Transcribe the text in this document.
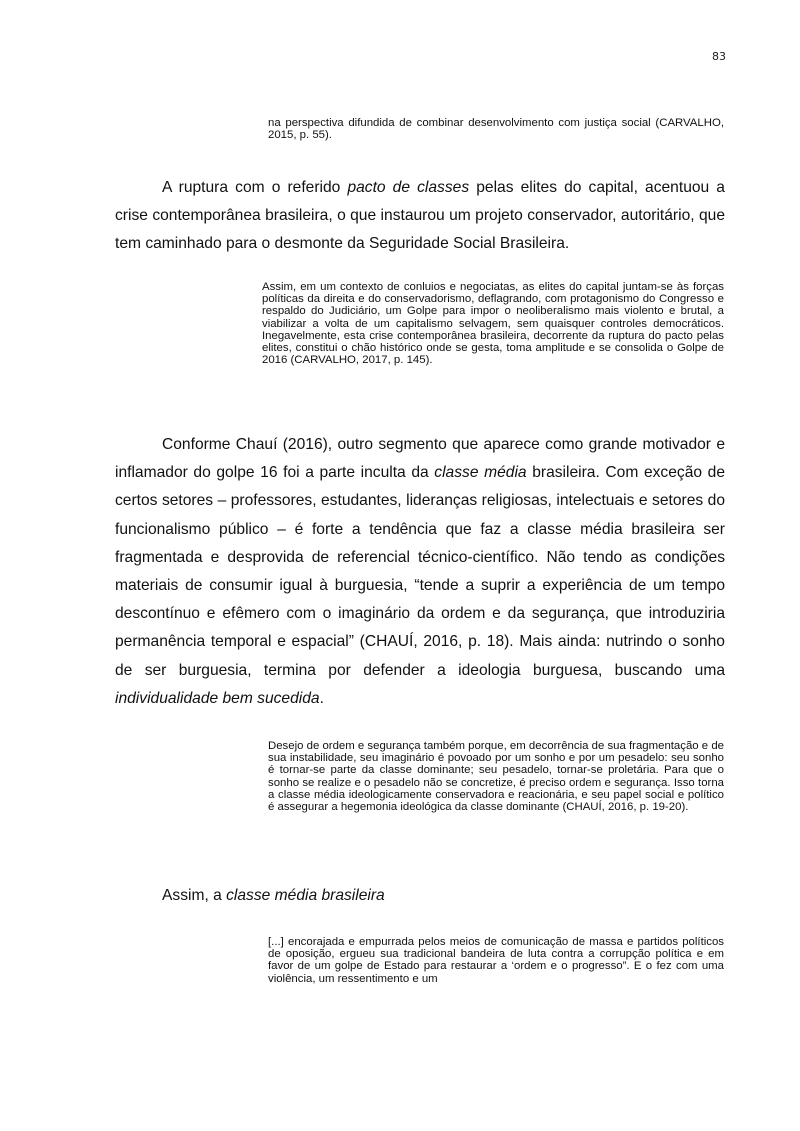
83

na perspectiva difundida de combinar desenvolvimento com justiça social (CARVALHO, 2015, p. 55).

A ruptura com o referido pacto de classes pelas elites do capital, acentuou a crise contemporânea brasileira, o que instaurou um projeto conservador, autoritário, que tem caminhado para o desmonte da Seguridade Social Brasileira.

Assim, em um contexto de conluios e negociatas, as elites do capital juntam-se às forças políticas da direita e do conservadorismo, deflagrando, com protagonismo do Congresso e respaldo do Judiciário, um Golpe para impor o neoliberalismo mais violento e brutal, a viabilizar a volta de um capitalismo selvagem, sem quaisquer controles democráticos. Inegavelmente, esta crise contemporânea brasileira, decorrente da ruptura do pacto pelas elites, constitui o chão histórico onde se gesta, toma amplitude e se consolida o Golpe de 2016 (CARVALHO, 2017, p. 145).

Conforme Chauí (2016), outro segmento que aparece como grande motivador e inflamador do golpe 16 foi a parte inculta da classe média brasileira. Com exceção de certos setores – professores, estudantes, lideranças religiosas, intelectuais e setores do funcionalismo público – é forte a tendência que faz a classe média brasileira ser fragmentada e desprovida de referencial técnico-científico. Não tendo as condições materiais de consumir igual à burguesia, “tende a suprir a experiência de um tempo descontínuo e efêmero com o imaginário da ordem e da segurança, que introduziria permanência temporal e espacial” (CHAUÍ, 2016, p. 18). Mais ainda: nutrindo o sonho de ser burguesia, termina por defender a ideologia burguesa, buscando uma individualidade bem sucedida.

Desejo de ordem e segurança também porque, em decorrência de sua fragmentação e de sua instabilidade, seu imaginário é povoado por um sonho e por um pesadelo: seu sonho é tornar-se parte da classe dominante; seu pesadelo, tornar-se proletária. Para que o sonho se realize e o pesadelo não se concretize, é preciso ordem e segurança. Isso torna a classe média ideologicamente conservadora e reacionária, e seu papel social e político é assegurar a hegemonia ideológica da classe dominante (CHAUÍ, 2016, p. 19-20).

Assim, a classe média brasileira

[...] encorajada e empurrada pelos meios de comunicação de massa e partidos políticos de oposição, ergueu sua tradicional bandeira de luta contra a corrupção política e em favor de um golpe de Estado para restaurar a ‘ordem e o progresso”. E o fez com uma violência, um ressentimento e um
